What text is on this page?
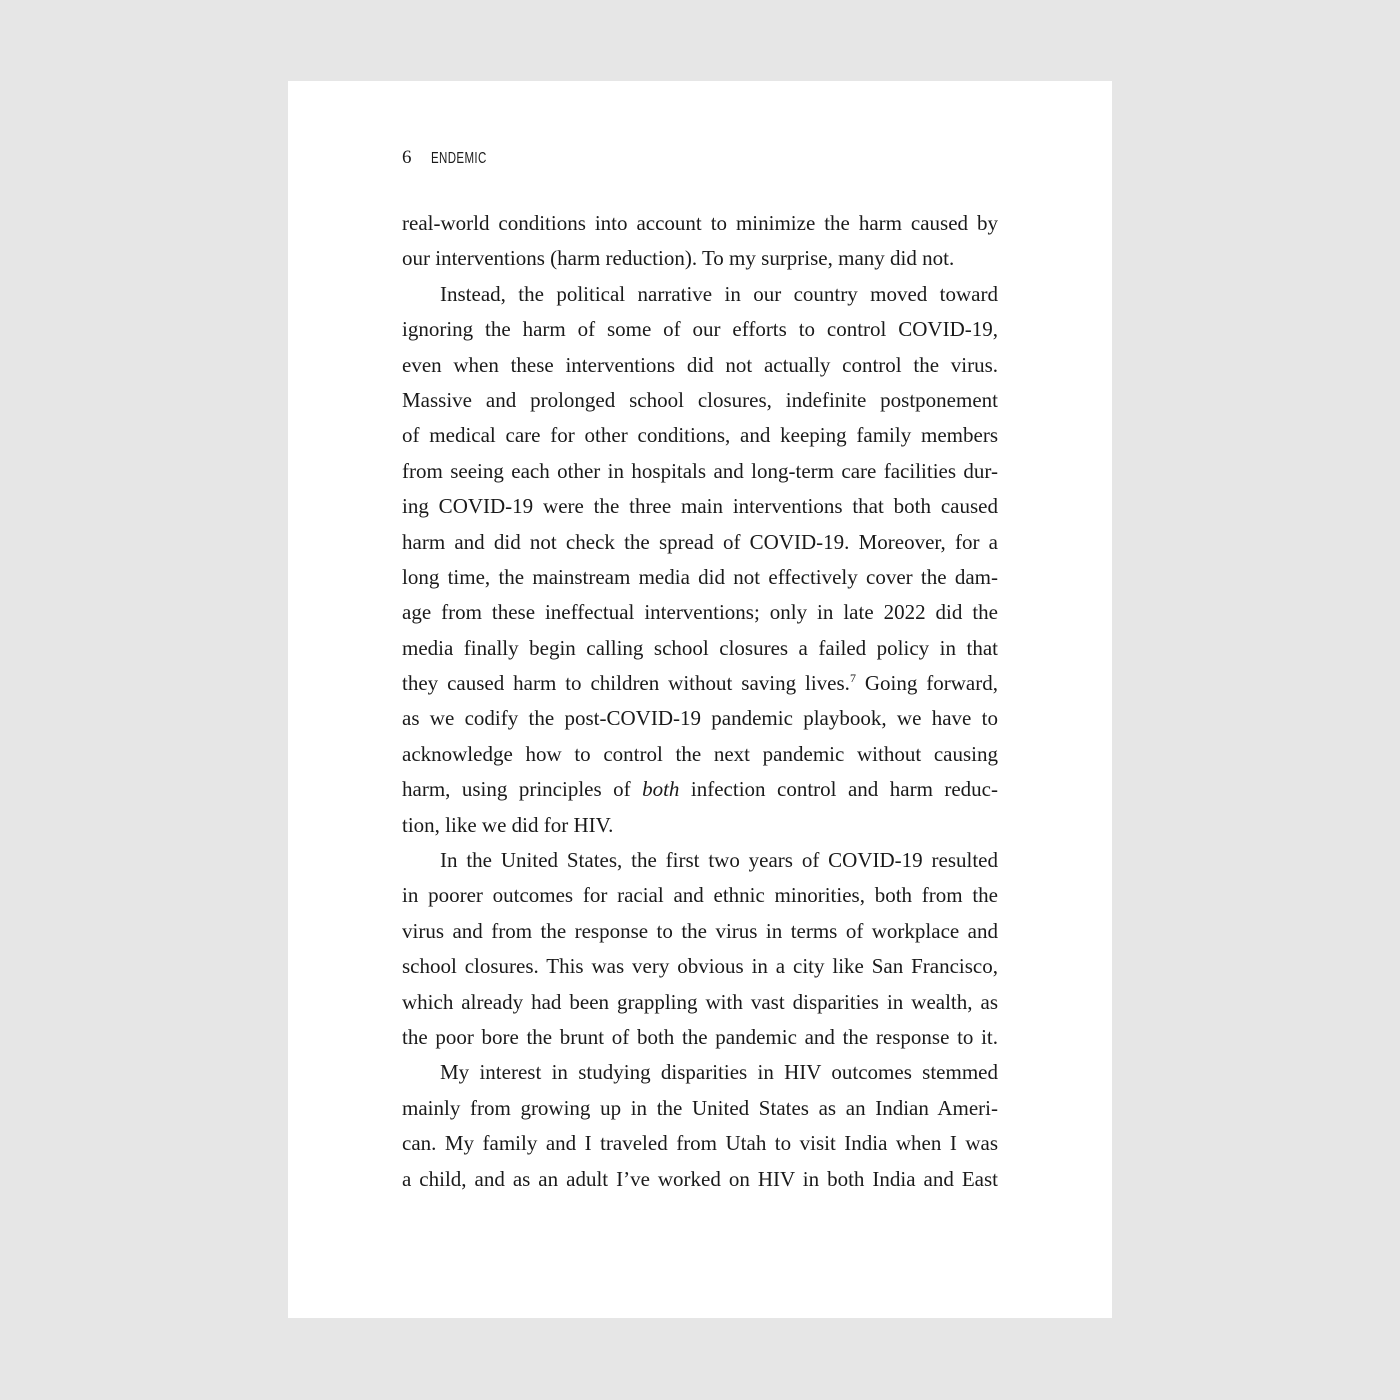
6 ENDEMIC
real-world conditions into account to minimize the harm caused by
our interventions (harm reduction). To my surprise, many did not.
Instead, the political narrative in our country moved toward
ignoring the harm of some of our efforts to control COVID-19,
even when these interventions did not actually control the virus.
Massive and prolonged school closures, indefinite postponement
of medical care for other conditions, and keeping family members
from seeing each other in hospitals and long-term care facilities dur-
ing COVID-19 were the three main interventions that both caused
harm and did not check the spread of COVID-19. Moreover, for a
long time, the mainstream media did not effectively cover the dam-
age from these ineffectual interventions; only in late 2022 did the
media finally begin calling school closures a failed policy in that
they caused harm to children without saving lives.$^7$ Going forward,
as we codify the post-COVID-19 pandemic playbook, we have to
acknowledge how to control the next pandemic without causing
harm, using principles of both infection control and harm reduc-
tion, like we did for HIV.
In the United States, the first two years of COVID-19 resulted
in poorer outcomes for racial and ethnic minorities, both from the
virus and from the response to the virus in terms of workplace and
school closures. This was very obvious in a city like San Francisco,
which already had been grappling with vast disparities in wealth, as
the poor bore the brunt of both the pandemic and the response to it.
My interest in studying disparities in HIV outcomes stemmed
mainly from growing up in the United States as an Indian Ameri-
can. My family and I traveled from Utah to visit India when I was
a child, and as an adult I’ve worked on HIV in both India and East
